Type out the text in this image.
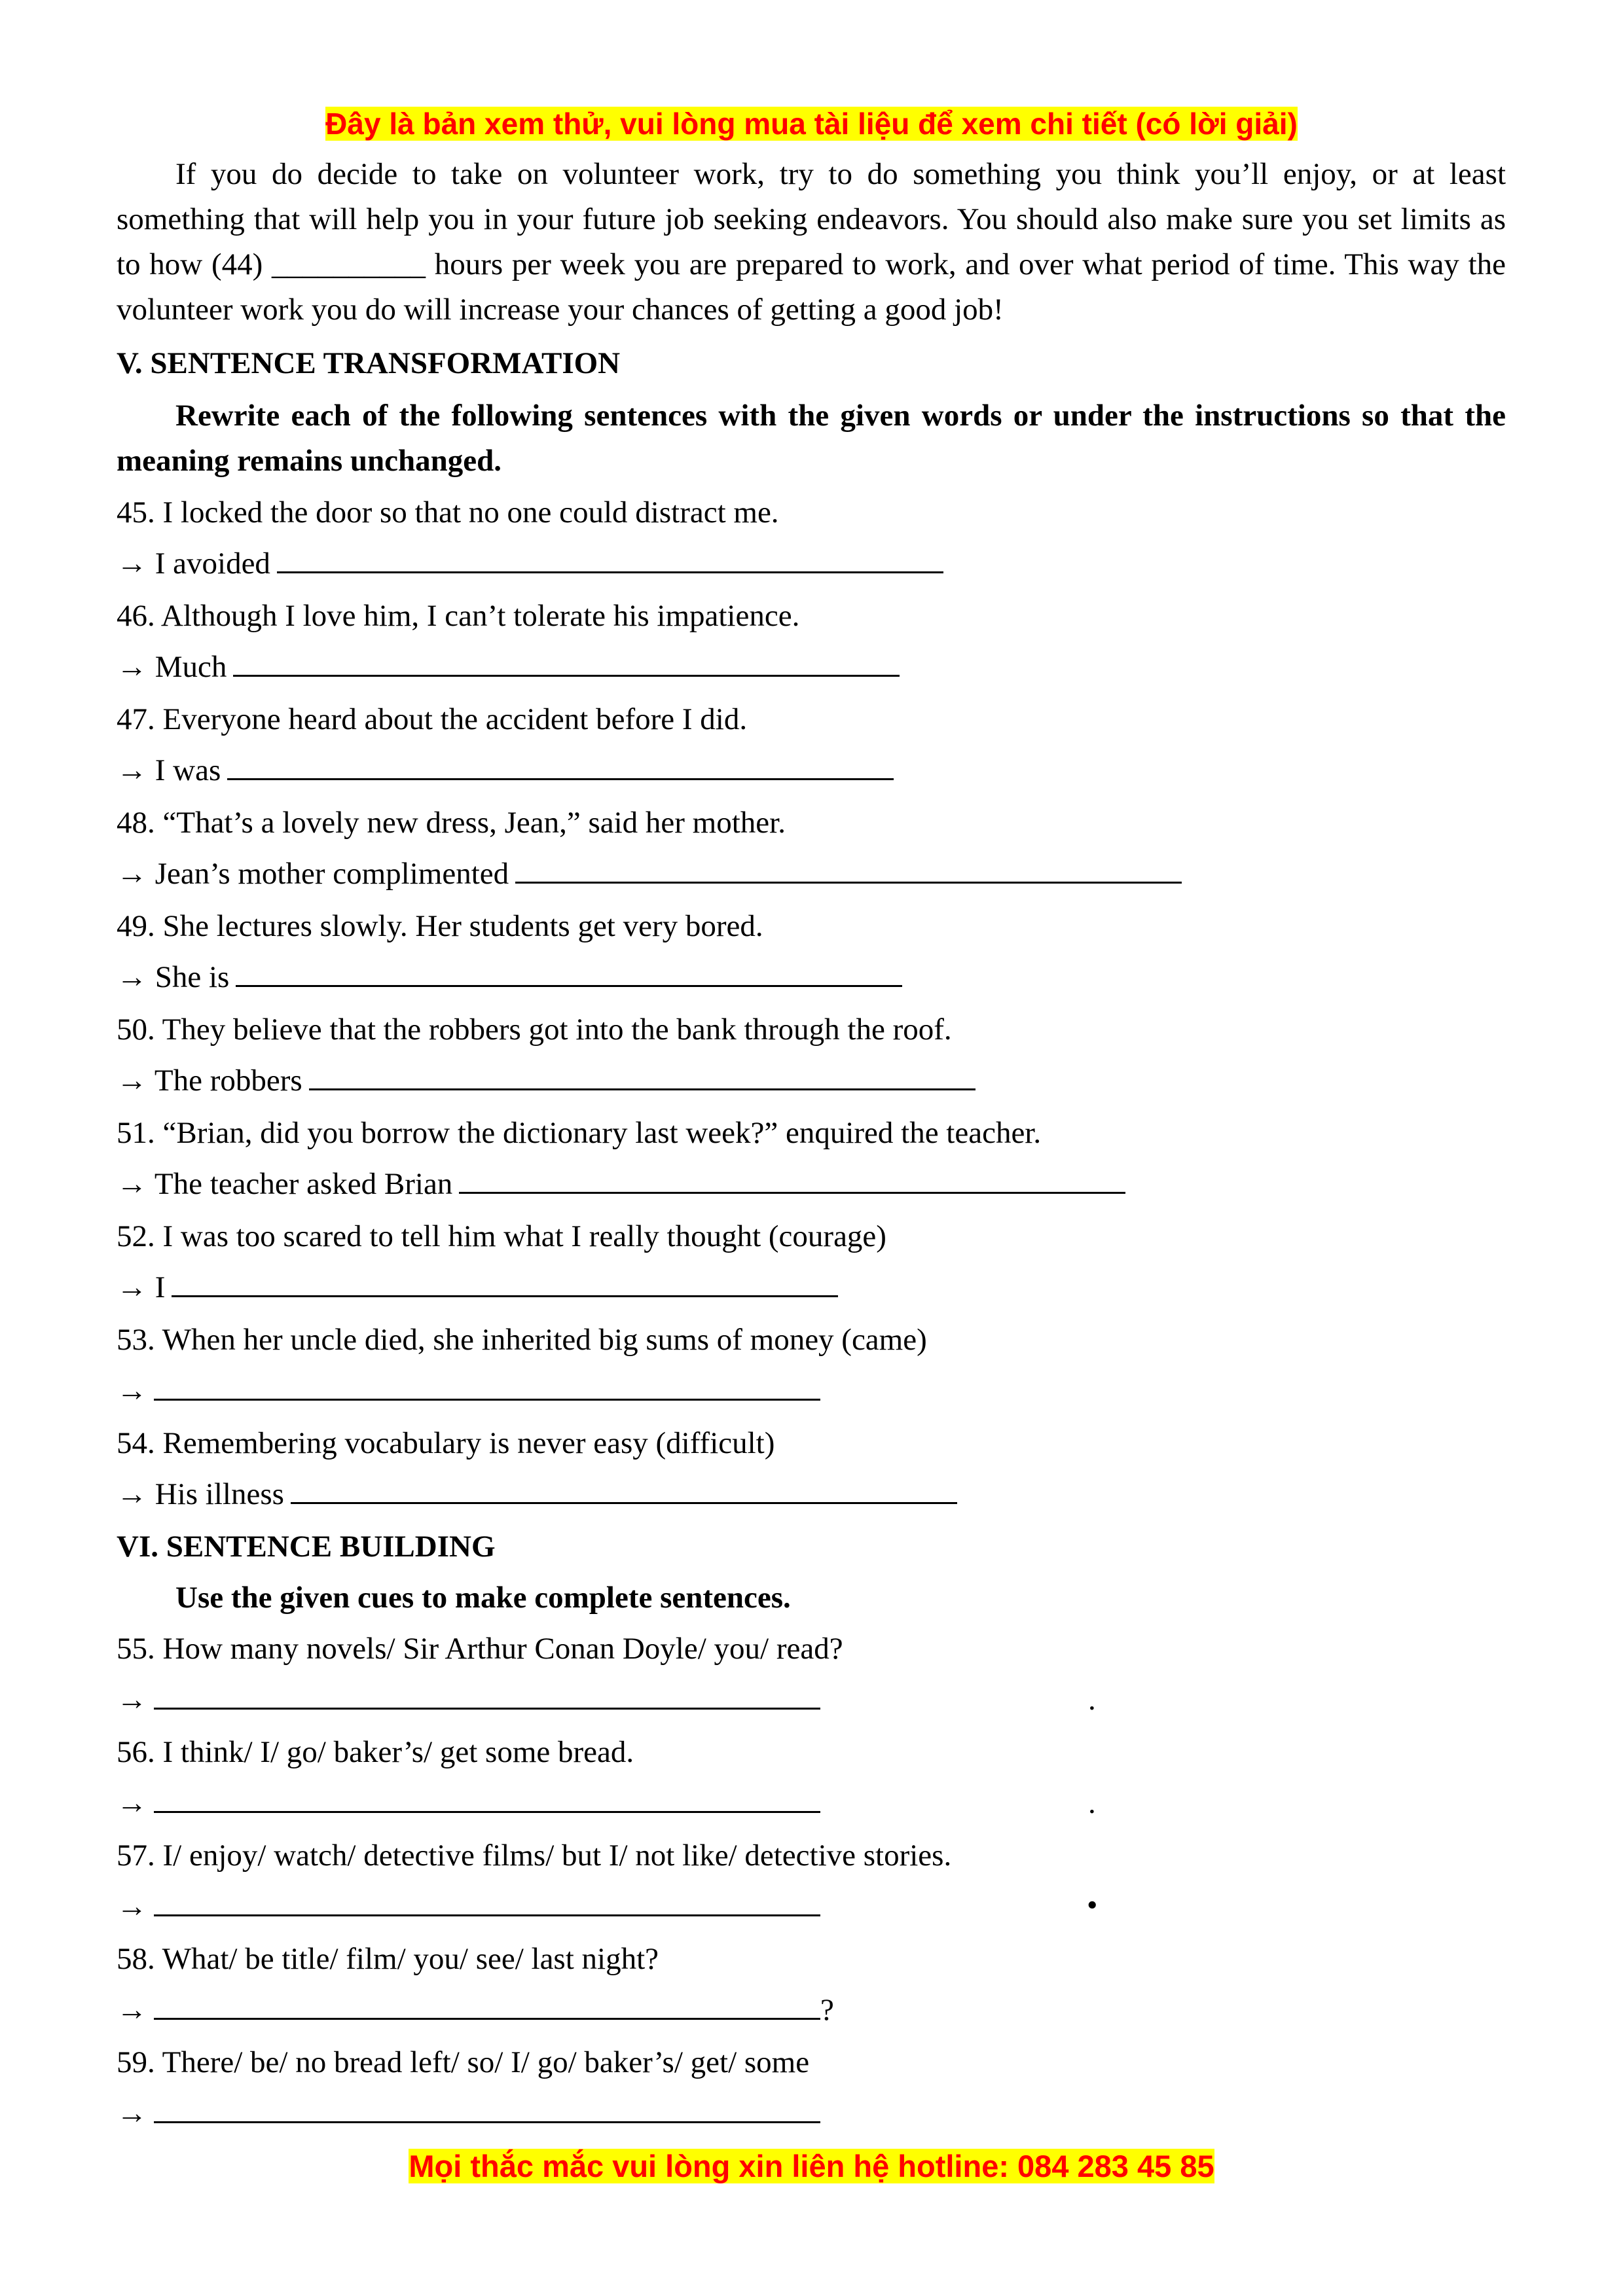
Đây là bản xem thử, vui lòng mua tài liệu để xem chi tiết (có lời giải)
If you do decide to take on volunteer work, try to do something you think you’ll enjoy, or at least something that will help you in your future job seeking endeavors. You should also make sure you set limits as to how (44) __________ hours per week you are prepared to work, and over what period of time. This way the volunteer work you do will increase your chances of getting a good job!
V. SENTENCE TRANSFORMATION
Rewrite each of the following sentences with the given words or under the instructions so that the meaning remains unchanged.
45. I locked the door so that no one could distract me.
→ I avoided
46. Although I love him, I can’t tolerate his impatience.
→ Much
47. Everyone heard about the accident before I did.
→ I was
48. “That’s a lovely new dress, Jean,” said her mother.
→ Jean’s mother complimented
49. She lectures slowly. Her students get very bored.
→ She is
50. They believe that the robbers got into the bank through the roof.
→ The robbers
51. “Brian, did you borrow the dictionary last week?” enquired the teacher.
→ The teacher asked Brian
52. I was too scared to tell him what I really thought (courage)
→ I
53. When her uncle died, she inherited big sums of money (came)
→
54. Remembering vocabulary is never easy (difficult)
→ His illness
VI. SENTENCE BUILDING
Use the given cues to make complete sentences.
55. How many novels/ Sir Arthur Conan Doyle/ you/ read?
→	.
56. I think/ I/ go/ baker’s/ get some bread.
→	.
57. I/ enjoy/ watch/ detective films/ but I/ not like/ detective stories.
→	•
58. What/ be title/ film/ you/ see/ last night?
→	?
59. There/ be/ no bread left/ so/ I/ go/ baker’s/ get/ some
→
Mọi thắc mắc vui lòng xin liên hệ hotline: 084 283 45 85
